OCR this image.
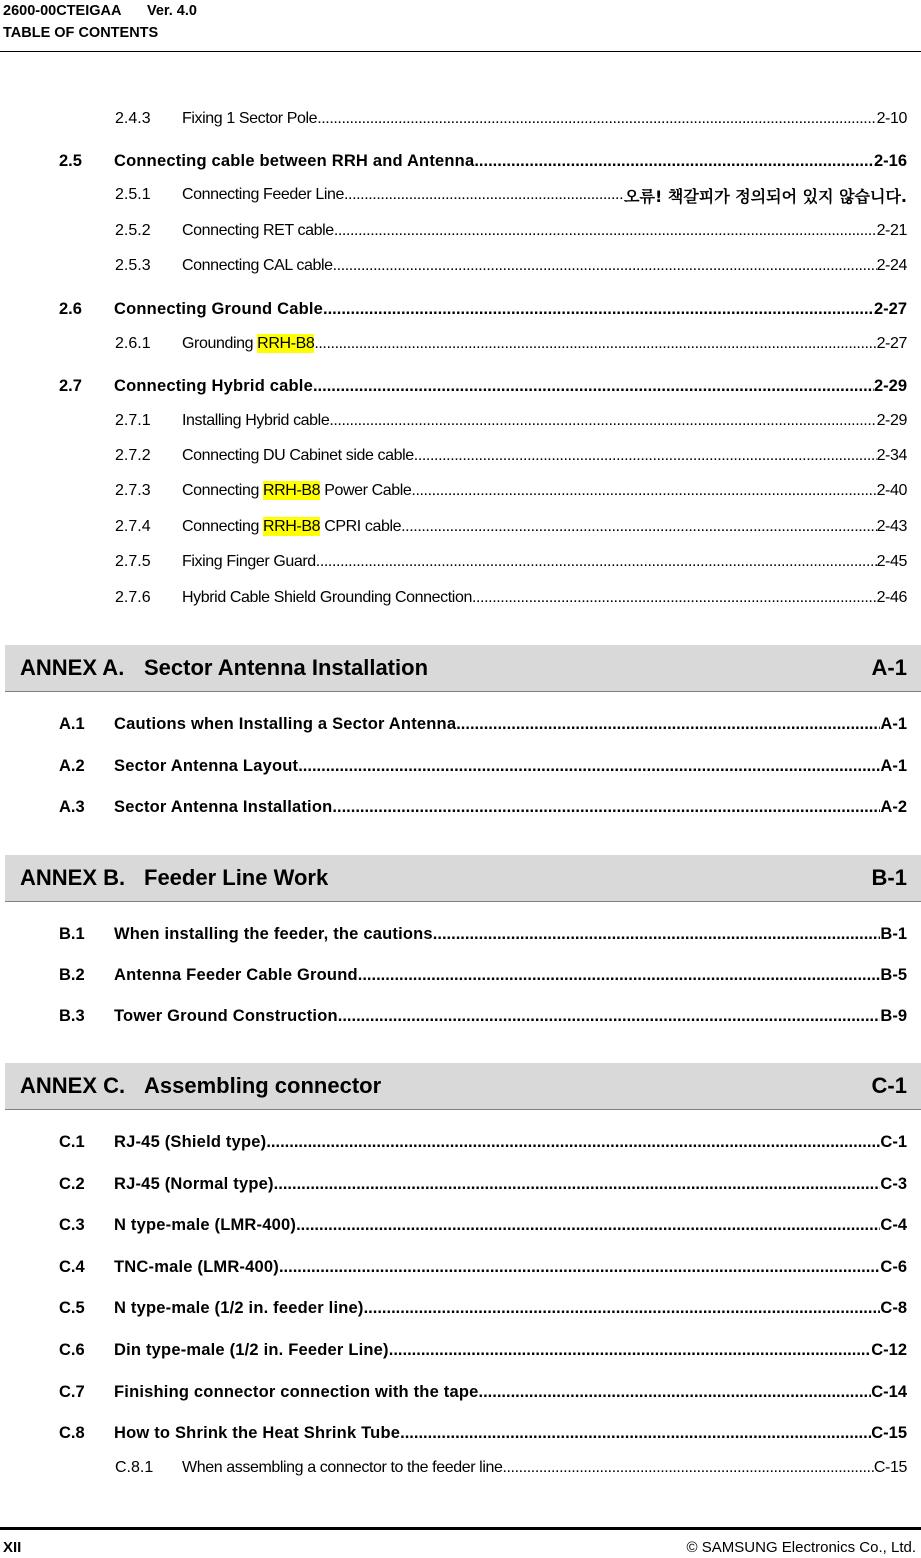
2600-00CTEIGAA Ver. 4.0
TABLE OF CONTENTS
2.4.3	Fixing 1 Sector Pole .....	2-10
2.5	Connecting cable between RRH and Antenna .....	2-16
2.5.1	Connecting Feeder Line .....	오류! 책갈피가 정의되어 있지 않습니다.
2.5.2	Connecting RET cable .....	2-21
2.5.3	Connecting CAL cable .....	2-24
2.6	Connecting Ground Cable .....	2-27
2.6.1	Grounding RRH-B8 .....	2-27
2.7	Connecting Hybrid cable .....	2-29
2.7.1	Installing Hybrid cable .....	2-29
2.7.2	Connecting DU Cabinet side cable .....	2-34
2.7.3	Connecting RRH-B8 Power Cable .....	2-40
2.7.4	Connecting RRH-B8 CPRI cable .....	2-43
2.7.5	Fixing Finger Guard .....	2-45
2.7.6	Hybrid Cable Shield Grounding Connection .....	2-46
ANNEX A. Sector Antenna Installation	A-1
A.1	Cautions when Installing a Sector Antenna .....	A-1
A.2	Sector Antenna Layout .....	A-1
A.3	Sector Antenna Installation .....	A-2
ANNEX B. Feeder Line Work	B-1
B.1	When installing the feeder, the cautions .....	B-1
B.2	Antenna Feeder Cable Ground .....	B-5
B.3	Tower Ground Construction .....	B-9
ANNEX C. Assembling connector	C-1
C.1	RJ-45 (Shield type) .....	C-1
C.2	RJ-45 (Normal type) .....	C-3
C.3	N type-male (LMR-400) .....	C-4
C.4	TNC-male (LMR-400) .....	C-6
C.5	N type-male (1/2 in. feeder line) .....	C-8
C.6	Din type-male (1/2 in. Feeder Line) .....	C-12
C.7	Finishing connector connection with the tape .....	C-14
C.8	How to Shrink the Heat Shrink Tube .....	C-15
C.8.1	When assembling a connector to the feeder line .....	C-15
XII	© SAMSUNG Electronics Co., Ltd.
